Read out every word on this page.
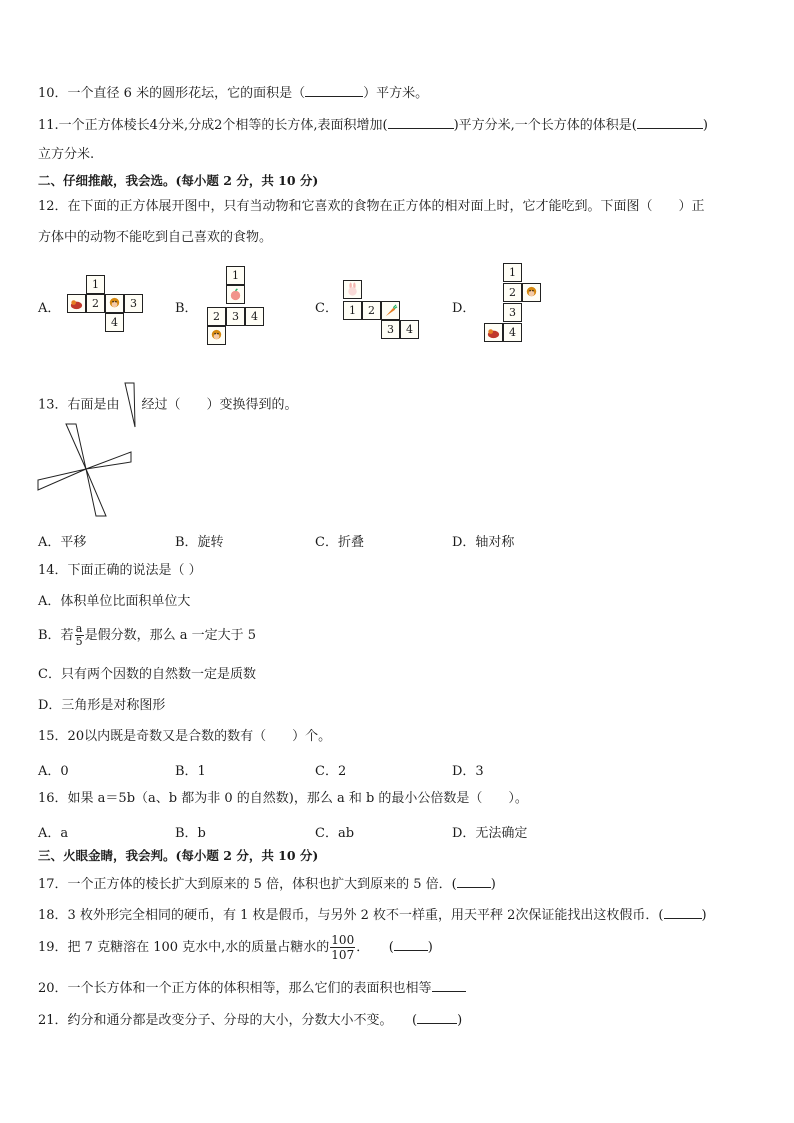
10．一个直径 6 米的圆形花坛，它的面积是（	）平方米。
11.一个正方体棱长4分米,分成2个相等的长方体,表面积增加(	)平方分米,一个长方体的体积是(	)
立方分米.
二、仔细推敲，我会选。(每小题 2 分，共 10 分)
12．在下面的正方体展开图中，只有当动物和它喜欢的食物在正方体的相对面上时，它才能吃到。下面图（　　）正
方体中的动物不能吃到自己喜欢的食物。
A．	B．	C．	D．
1
2	3
4
1
2	3	4	1	2
3	4
1
2
3
4
13．右面是由 经过（　　）变换得到的。
A．平移	B．旋转	C．折叠	D．轴对称
14．下面正确的说法是（ ）
A．体积单位比面积单位大
B．若 $\frac{a}{5}$ 是假分数，那么 a 一定大于 5
C．只有两个因数的自然数一定是质数
D．三角形是对称图形
15．20以内既是奇数又是合数的数有（　　）个。
A．0	B．1	C．2	D．3
16．如果 a＝5b（a、b 都为非 0 的自然数)，那么 a 和 b 的最小公倍数是（　　）。
A．a	B．b	C．ab	D．无法确定
三、火眼金睛，我会判。(每小题 2 分，共 10 分)
17．一个正方体的棱长扩大到原来的 5 倍，体积也扩大到原来的 5 倍．(	)
18．3 枚外形完全相同的硬币，有 1 枚是假币，与另外 2 枚不一样重，用天平秤 2次保证能找出这枚假币．(	)
19．把 7 克糖溶在 100 克水中,水的质量占糖水的 $\frac{100}{107}$ ．　　(	)
20．一个长方体和一个正方体的体积相等，那么它们的表面积也相等
21．约分和通分都是改变分子、分母的大小，分数大小不变。　　(	)
